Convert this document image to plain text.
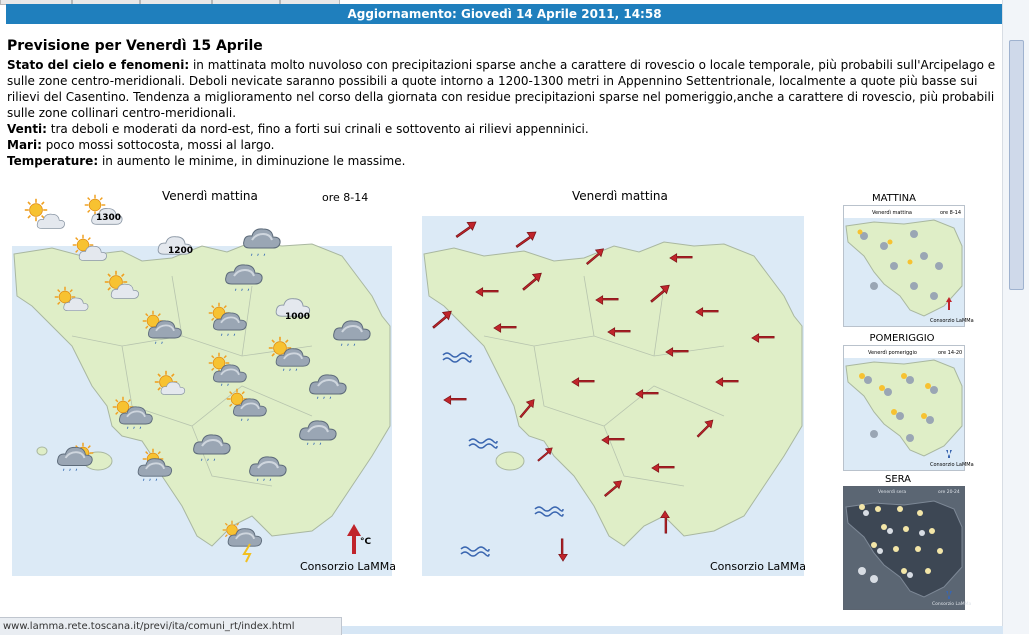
Aggiornamento: Giovedì 14 Aprile 2011, 14:58
Previsione per Venerdì 15 Aprile

Stato del cielo e fenomeni: in mattinata molto nuvoloso con precipitazioni sparse anche a carattere di rovescio o locale temporale, più probabili sull'Arcipelago e sulle zone centro-meridionali. Deboli nevicate saranno possibili a quote intorno a 1200-1300 metri in Appennino Settentrionale, localmente a quote più basse sui rilievi del Casentino. Tendenza a miglioramento nel corso della giornata con residue precipitazioni sparse nel pomeriggio,anche a carattere di rovescio, più probabili sulle zone collinari centro-meridionali.

Venti: tra deboli e moderati da nord-est, fino a forti sui crinali e sottovento ai rilievi appenninici.

Mari: poco mossi sottocosta, mossi al largo.

Temperature: in aumento le minime, in diminuzione le massime.

Venerdì mattina	ore 8-14
1300
ʼ ʼ ʼ
1200
ʼ ʼ ʼ
1000
ʼ ʼ
ʼ ʼ ʼ
ʼ ʼ ʼ
ʼ ʼ ʼ
ʼ ʼ
ʼ ʼ ʼ
ʼ ʼ
ʼ ʼ ʼ
ʼ ʼ ʼ
ʼ ʼ ʼ
ʼ ʼ ʼ
ʼ ʼ ʼ	ʼ ʼ ʼ
°C
Consorzio LaMMa
Venerdì mattina
Consorzio LaMMa
MATTINA
Venerdì mattina	ore 8-14
Consorzio LaMMa
POMERIGGIO
Venerdì pomeriggio	ore 14-20
Consorzio LaMMa
SERA
Venerdì sera	ore 20-24
Consorzio LaMMa
www.lamma.rete.toscana.it/previ/ita/comuni_rt/index.html
